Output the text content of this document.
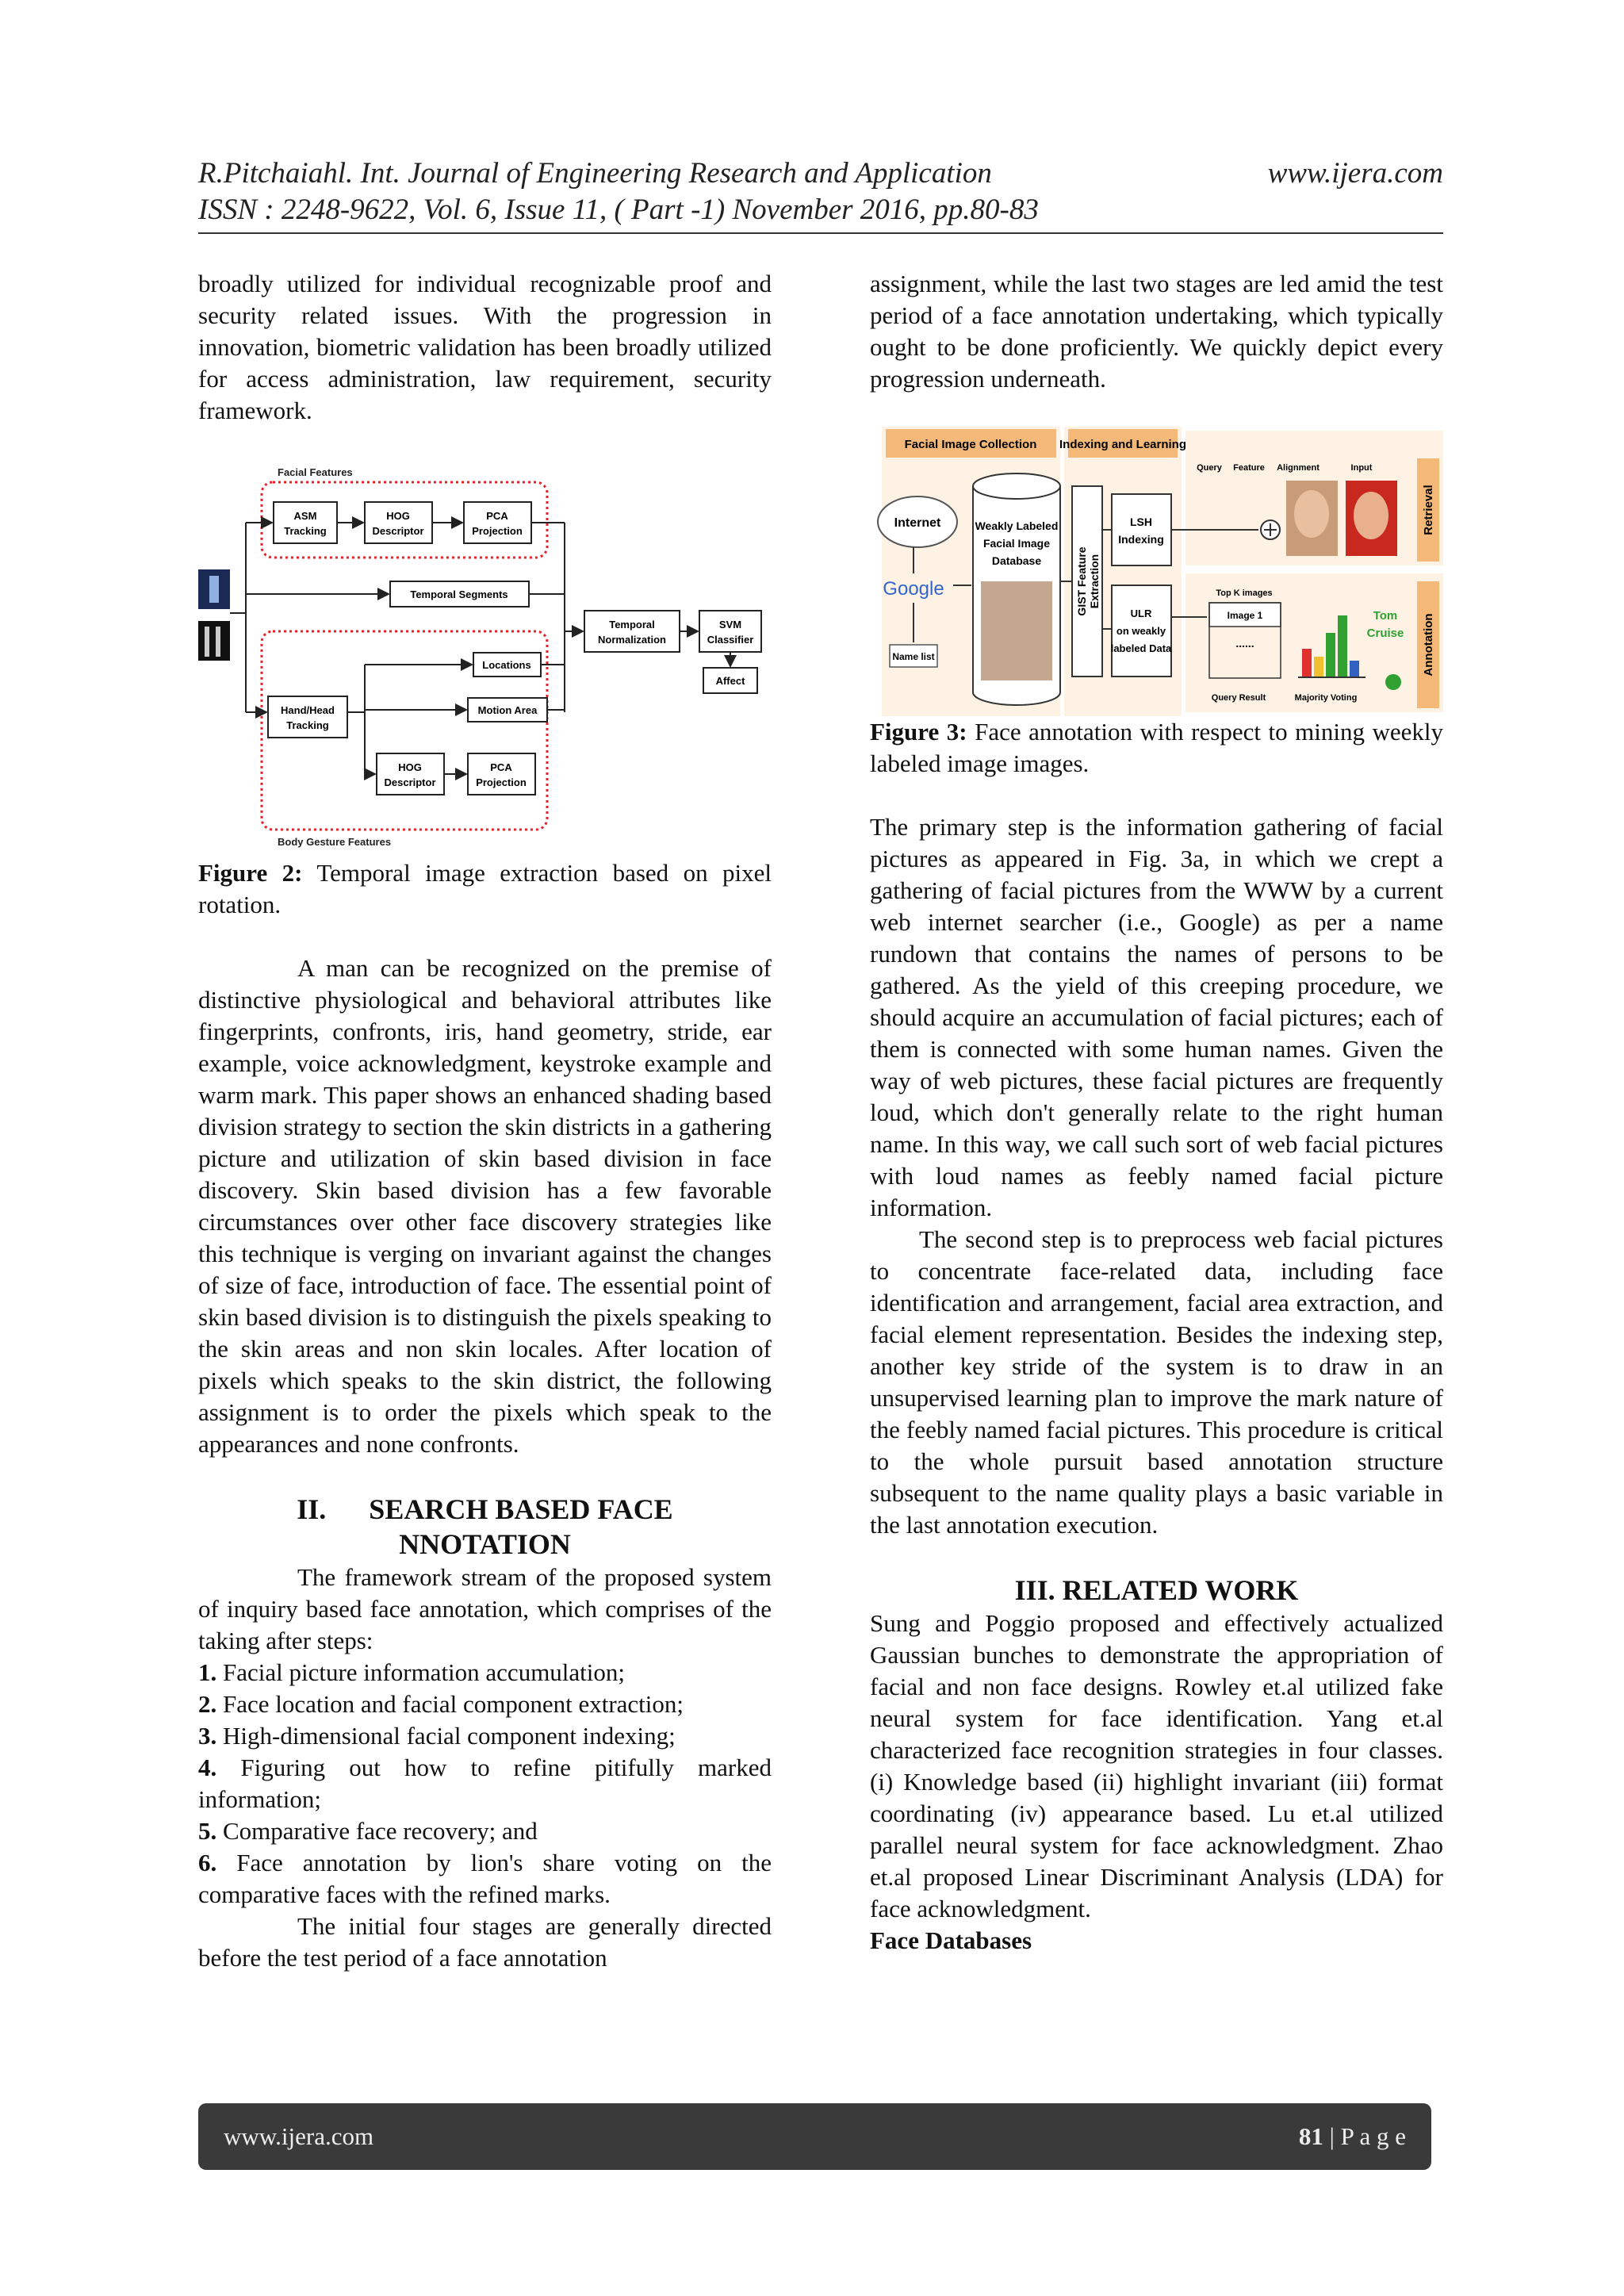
R.Pitchaiahl. Int. Journal of Engineering Research and Application	www.ijera.com
ISSN : 2248-9622, Vol. 6, Issue 11, ( Part -1) November 2016, pp.80-83

broadly utilized for individual recognizable proof and security related issues. With the progression in innovation, biometric validation has been broadly utilized for access administration, law requirement, security framework.

Facial Features
ASM
Tracking
HOG
Descriptor
PCA
Projection
Temporal Segments
Temporal
Normalization
SVM
Classifier
Affect
Locations
Motion Area
Hand/Head
Tracking
HOG
Descriptor
PCA
Projection
Body Gesture Features

Figure 2: Temporal image extraction based on pixel rotation.

A man can be recognized on the premise of distinctive physiological and behavioral attributes like fingerprints, confronts, iris, hand geometry, stride, ear example, voice acknowledgment, keystroke example and warm mark. This paper shows an enhanced shading based division strategy to section the skin districts in a gathering picture and utilization of skin based division in face discovery. Skin based division has a few favorable circumstances over other face discovery strategies like this technique is verging on invariant against the changes of size of face, introduction of face. The essential point of skin based division is to distinguish the pixels speaking to the skin areas and non skin locales. After location of pixels which speaks to the skin district, the following assignment is to order the pixels which speak to the appearances and none confronts.

II.      SEARCH BASED FACE

NNOTATION

The framework stream of the proposed system of inquiry based face annotation, which comprises of the taking after steps:

1. Facial picture information accumulation;

2. Face location and facial component extraction;

3. High-dimensional facial component indexing;

4. Figuring out how to refine pitifully marked information;

5. Comparative face recovery; and

6. Face annotation by lion's share voting on the comparative faces with the refined marks.

The initial four stages are generally directed before the test period of a face annotation

assignment, while the last two stages are led amid the test period of a face annotation undertaking, which typically ought to be done proficiently. We quickly depict every progression underneath.

Facial Image Collection Indexing and Learning
Internet
Google
Name list
Weakly Labeled
Facial Image
Database	GIST Feature Extraction
LSH
Indexing
ULR
on weakly
labeled Data
Query Feature Alignment	Input
Retrieval
Top K images
Image 1
......
Tom
Cruise
Query Result	Majority Voting
Annotation

Figure 3: Face annotation with respect to mining weekly labeled image images.

The primary step is the information gathering of facial pictures as appeared in Fig. 3a, in which we crept a gathering of facial pictures from the WWW by a current web internet searcher (i.e., Google) as per a name rundown that contains the names of persons to be gathered. As the yield of this creeping procedure, we should acquire an accumulation of facial pictures; each of them is connected with some human names. Given the way of web pictures, these facial pictures are frequently loud, which don't generally relate to the right human name. In this way, we call such sort of web facial pictures with loud names as feebly named facial picture information.

The second step is to preprocess web facial pictures to concentrate face-related data, including face identification and arrangement, facial area extraction, and facial element representation. Besides the indexing step, another key stride of the system is to draw in an unsupervised learning plan to improve the mark nature of the feebly named facial pictures. This procedure is critical to the whole pursuit based annotation structure subsequent to the name quality plays a basic variable in the last annotation execution.

III. RELATED WORK

Sung and Poggio proposed and effectively actualized Gaussian bunches to demonstrate the appropriation of facial and non face designs. Rowley et.al utilized fake neural system for face identification. Yang et.al characterized face recognition strategies in four classes. (i) Knowledge based (ii) highlight invariant (iii) format coordinating (iv) appearance based. Lu et.al utilized parallel neural system for face acknowledgment. Zhao et.al proposed Linear Discriminant Analysis (LDA) for face acknowledgment.

Face Databases

www.ijera.com	81 | P a g e
